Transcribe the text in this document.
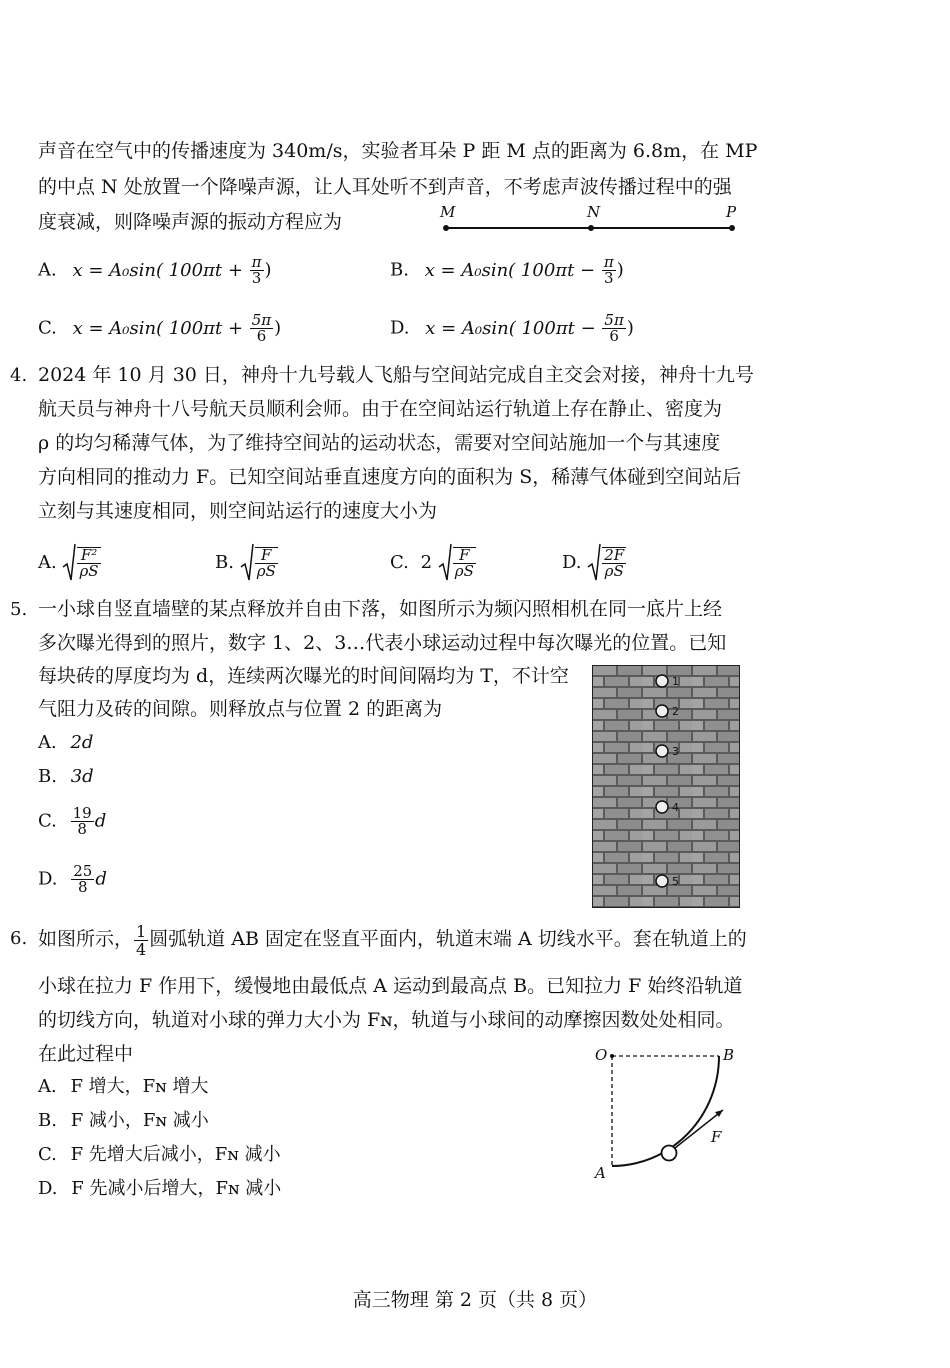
声音在空气中的传播速度为 340m/s，实验者耳朵 P 距 M 点的距离为 6.8m，在 MP
的中点 N 处放置一个降噪声源，让人耳处听不到声音，不考虑声波传播过程中的强
度衰减，则降噪声源的振动方程应为	M	N	P
A. x = A₀sin( $100\pi t + \frac{\pi}{3}$ )	B. x = A₀sin( $100\pi t - \frac{\pi}{3}$ )
C. x = A₀sin( $100\pi t + \frac{5\pi}{6}$ )	D. x = A₀sin( $100\pi t - \frac{5\pi}{6}$ )
4. 2024 年 10 月 30 日，神舟十九号载人飞船与空间站完成自主交会对接，神舟十九号
航天员与神舟十八号航天员顺利会师。由于在空间站运行轨道上存在静止、密度为
ρ 的均匀稀薄气体，为了维持空间站的运动状态，需要对空间站施加一个与其速度
方向相同的推动力 F。已知空间站垂直速度方向的面积为 S，稀薄气体碰到空间站后
立刻与其速度相同，则空间站运行的速度大小为
A. $\frac{\text{F²}}{\rho S}$	B. $\frac{F}{\rho S}$	C. $2 \frac{F}{\rho S}$	D. $\frac{2F}{\rho S}$
5. 一小球自竖直墙壁的某点释放并自由下落，如图所示为频闪照相机在同一底片上经
多次曝光得到的照片，数字 1、2、3…代表小球运动过程中每次曝光的位置。已知
每块砖的厚度均为 d，连续两次曝光的时间间隔均为 T，不计空
气阻力及砖的间隙。则释放点与位置 2 的距离为
A. 2d
B. 3d
C. $\frac{19}{8}$ d
D. $\frac{25}{8}$ d
1
2
3
4
5
6. 如图所示， $\frac{1}{4}$ 圆弧轨道 AB 固定在竖直平面内，轨道末端 A 切线水平。套在轨道上的
小球在拉力 F 作用下，缓慢地由最低点 A 运动到最高点 B。已知拉力 F 始终沿轨道
的切线方向，轨道对小球的弹力大小为 Fɴ，轨道与小球间的动摩擦因数处处相同。
在此过程中
A. F 增大，Fɴ 增大
B. F 减小，Fɴ 减小
C. F 先增大后减小，Fɴ 减小
D. F 先减小后增大，Fɴ 减小
O	B
A
F
高三物理 第 2 页（共 8 页）
